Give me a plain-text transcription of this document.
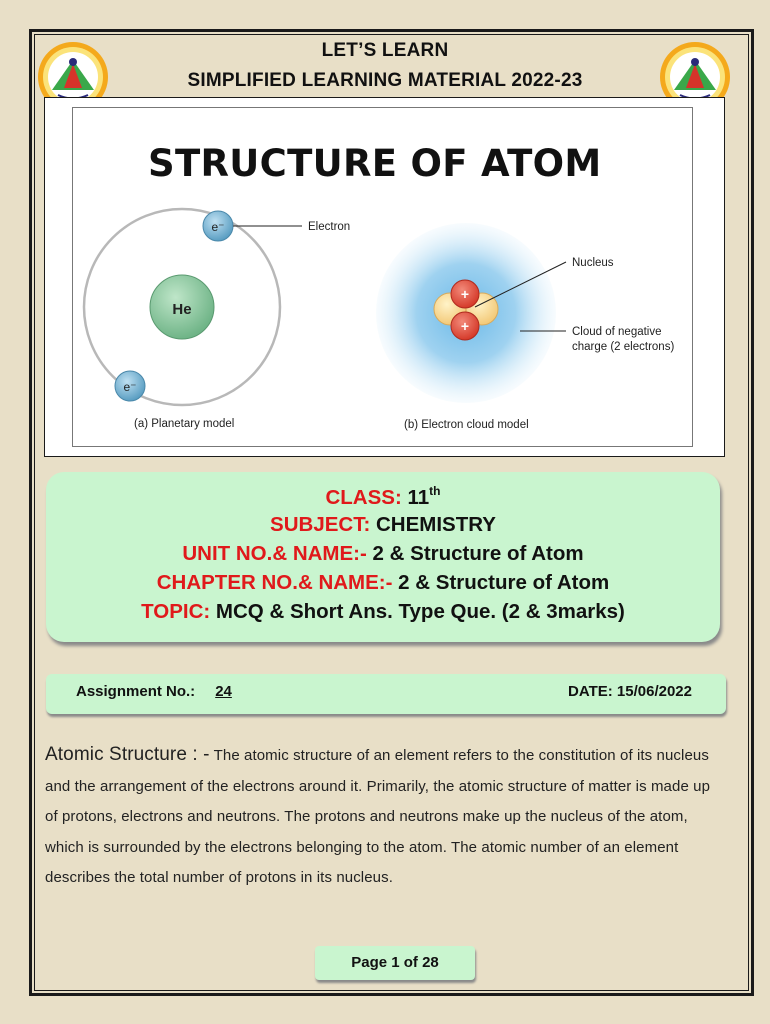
LET’S LEARN
SIMPLIFIED LEARNING MATERIAL 2022-23
STRUCTURE OF ATOM
He
e⁻	Electron
e⁻
(a) Planetary model
+
+
Nucleus
Cloud of negative
charge (2 electrons)
(b) Electron cloud model
CLASS: 11th
SUBJECT: CHEMISTRY
UNIT NO.& NAME:- 2 & Structure of Atom
CHAPTER NO.& NAME:- 2 & Structure of Atom
TOPIC: MCQ & Short Ans. Type Que. (2 & 3marks)
Assignment No.: 24	DATE: 15/06/2022
Atomic Structure : - The atomic structure of an element refers to the constitution of its nucleus and the arrangement of the electrons around it. Primarily, the atomic structure of matter is made up of protons, electrons and neutrons. The protons and neutrons make up the nucleus of the atom, which is surrounded by the electrons belonging to the atom. The atomic number of an element describes the total number of protons in its nucleus.
Page 1 of 28
